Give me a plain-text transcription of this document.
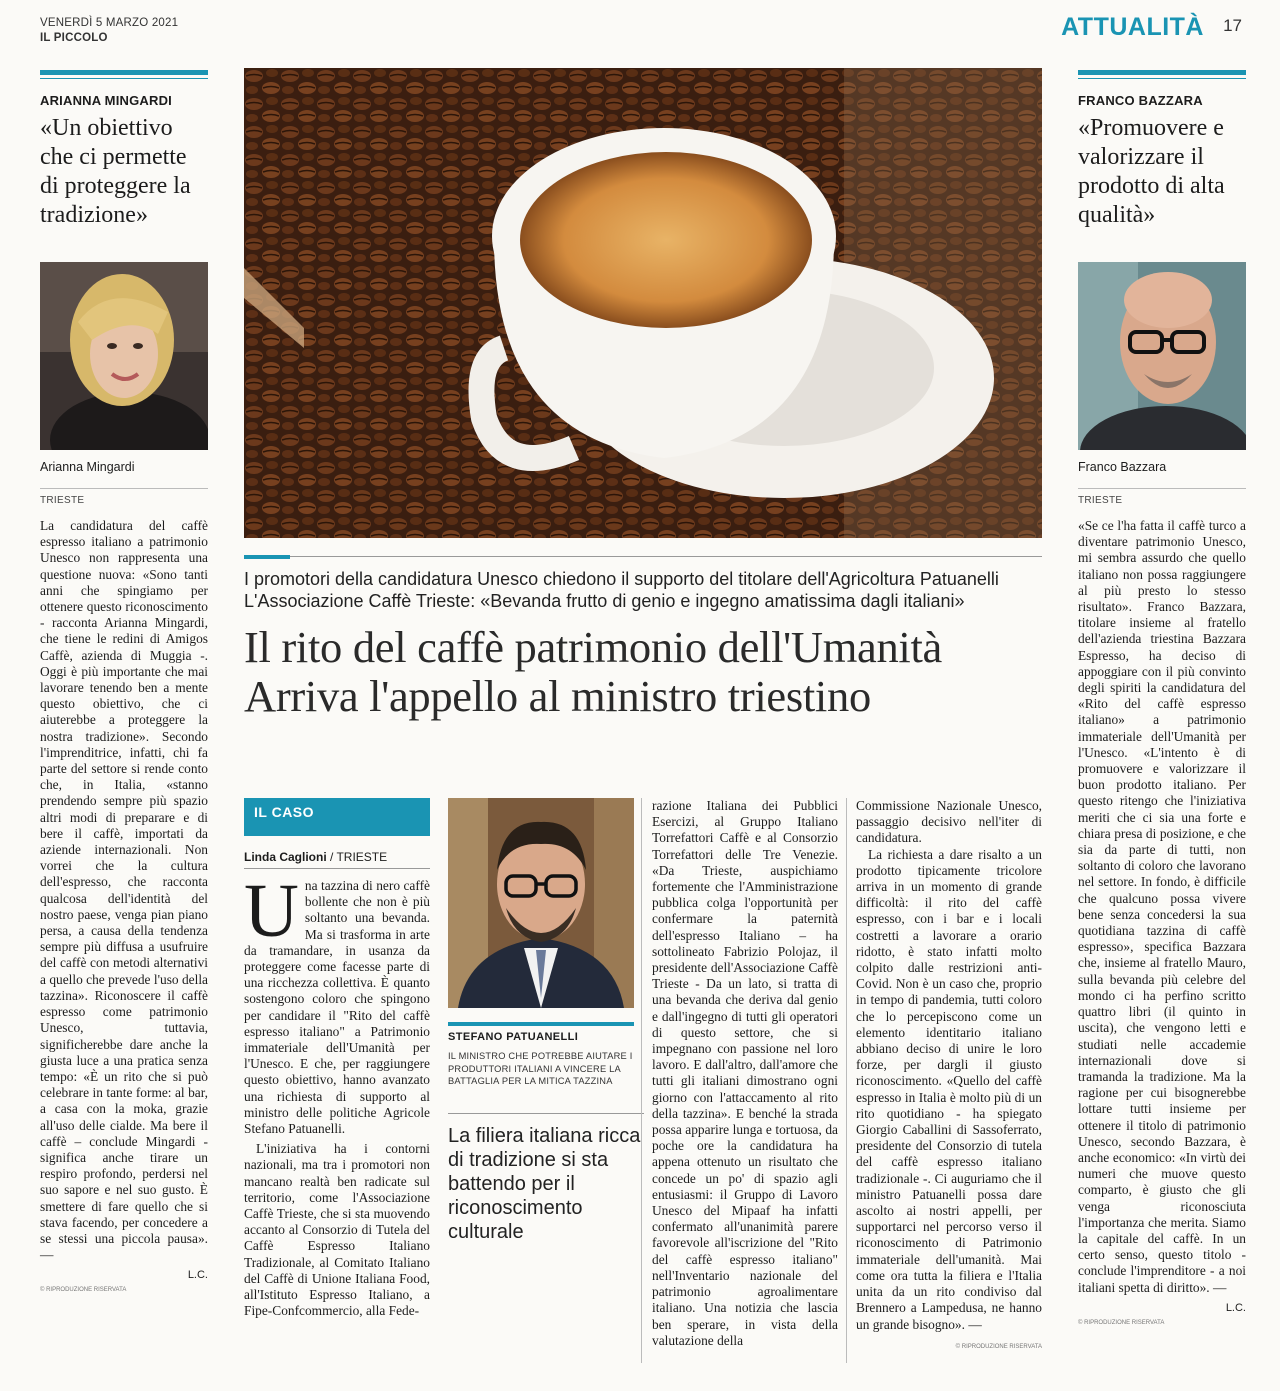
VENERDÌ 5 MARZO 2021
IL PICCOLO	ATTUALITÀ 17
ARIANNA MINGARDI
«Un obiettivo che ci permette di proteggere la tradizione»
Arianna Mingardi
TRIESTE
La candidatura del caffè espresso italiano a patrimonio Unesco non rappresenta una questione nuova: «Sono tanti anni che spingiamo per ottenere questo riconoscimento - racconta Arianna Mingardi, che tiene le redini di Amigos Caffè, azienda di Muggia -. Oggi è più importante che mai lavorare tenendo ben a mente questo obiettivo, che ci aiuterebbe a proteggere la nostra tradizione». Secondo l'imprenditrice, infatti, chi fa parte del settore si rende conto che, in Italia, «stanno prendendo sempre più spazio altri modi di preparare e di bere il caffè, importati da aziende internazionali. Non vorrei che la cultura dell'espresso, che racconta qualcosa dell'identità del nostro paese, venga pian piano persa, a causa della tendenza sempre più diffusa a usufruire del caffè con metodi alternativi a quello che prevede l'uso della tazzina». Riconoscere il caffè espresso come patrimonio Unesco, tuttavia, significherebbe dare anche la giusta luce a una pratica senza tempo: «È un rito che si può celebrare in tante forme: al bar, a casa con la moka, grazie all'uso delle cialde. Ma bere il caffè – conclude Mingardi - significa anche tirare un respiro profondo, perdersi nel suo sapore e nel suo gusto. È smettere di fare quello che si stava facendo, per concedere a se stessi una piccola pausa». —
L.C.
© RIPRODUZIONE RISERVATA
FRANCO BAZZARA
«Promuovere e valorizzare il prodotto di alta qualità»
Franco Bazzara
TRIESTE
«Se ce l'ha fatta il caffè turco a diventare patrimonio Unesco, mi sembra assurdo che quello italiano non possa raggiungere al più presto lo stesso risultato». Franco Bazzara, titolare insieme al fratello dell'azienda triestina Bazzara Espresso, ha deciso di appoggiare con il più convinto degli spiriti la candidatura del «Rito del caffè espresso italiano» a patrimonio immateriale dell'Umanità per l'Unesco. «L'intento è di promuovere e valorizzare il buon prodotto italiano. Per questo ritengo che l'iniziativa meriti che ci sia una forte e chiara presa di posizione, e che sia da parte di tutti, non soltanto di coloro che lavorano nel settore. In fondo, è difficile che qualcuno possa vivere bene senza concedersi la sua quotidiana tazzina di caffè espresso», specifica Bazzara che, insieme al fratello Mauro, sulla bevanda più celebre del mondo ci ha perfino scritto quattro libri (il quinto in uscita), che vengono letti e studiati nelle accademie internazionali dove si tramanda la tradizione. Ma la ragione per cui bisognerebbe lottare tutti insieme per ottenere il titolo di patrimonio Unesco, secondo Bazzara, è anche economico: «In virtù dei numeri che muove questo comparto, è giusto che gli venga riconosciuta l'importanza che merita. Siamo la capitale del caffè. In un certo senso, questo titolo - conclude l'imprenditore - a noi italiani spetta di diritto». —
L.C.
© RIPRODUZIONE RISERVATA
I promotori della candidatura Unesco chiedono il supporto del titolare dell'Agricoltura Patuanelli
L'Associazione Caffè Trieste: «Bevanda frutto di genio e ingegno amatissima dagli italiani»
Il rito del caffè patrimonio dell'Umanità
Arriva l'appello al ministro triestino
IL CASO
Linda Caglioni / TRIESTE

Una tazzina di nero caffè bollente che non è più soltanto una bevanda. Ma si trasforma in arte da tramandare, in usanza da proteggere come facesse parte di una ricchezza collettiva. È quanto sostengono coloro che spingono per candidare il "Rito del caffè espresso italiano" a Patrimonio immateriale dell'Umanità per l'Unesco. E che, per raggiungere questo obiettivo, hanno avanzato una richiesta di supporto al ministro delle politiche Agricole Stefano Patuanelli.

L'iniziativa ha i contorni nazionali, ma tra i promotori non mancano realtà ben radicate sul territorio, come l'Associazione Caffè Trieste, che si sta muovendo accanto al Consorzio di Tutela del Caffè Espresso Italiano Tradizionale, al Comitato Italiano del Caffè di Unione Italiana Food, all'Istituto Espresso Italiano, a Fipe-Confcommercio, alla Fede-

STEFANO PATUANELLI
IL MINISTRO CHE POTREBBE AIUTARE I PRODUTTORI ITALIANI A VINCERE LA BATTAGLIA PER LA MITICA TAZZINA
La filiera italiana ricca di tradizione si sta battendo per il riconoscimento culturale

razione Italiana dei Pubblici Esercizi, al Gruppo Italiano Torrefattori Caffè e al Consorzio Torrefattori delle Tre Venezie. «Da Trieste, auspichiamo fortemente che l'Amministrazione pubblica colga l'opportunità per confermare la paternità dell'espresso Italiano – ha sottolineato Fabrizio Polojaz, il presidente dell'Associazione Caffè Trieste - Da un lato, si tratta di una bevanda che deriva dal genio e dall'ingegno di tutti gli operatori di questo settore, che si impegnano con passione nel loro lavoro. E dall'altro, dall'amore che tutti gli italiani dimostrano ogni giorno con l'attaccamento al rito della tazzina». E benché la strada possa apparire lunga e tortuosa, da poche ore la candidatura ha appena ottenuto un risultato che concede un po' di spazio agli entusiasmi: il Gruppo di Lavoro Unesco del Mipaaf ha infatti confermato all'unanimità parere favorevole all'iscrizione del "Rito del caffè espresso italiano" nell'Inventario nazionale del patrimonio agroalimentare italiano. Una notizia che lascia ben sperare, in vista della valutazione della

Commissione Nazionale Unesco, passaggio decisivo nell'iter di candidatura.

La richiesta a dare risalto a un prodotto tipicamente tricolore arriva in un momento di grande difficoltà: il rito del caffè espresso, con i bar e i locali costretti a lavorare a orario ridotto, è stato infatti molto colpito dalle restrizioni anti-Covid. Non è un caso che, proprio in tempo di pandemia, tutti coloro che lo percepiscono come un elemento identitario italiano abbiano deciso di unire le loro forze, per dargli il giusto riconoscimento. «Quello del caffè espresso in Italia è molto più di un rito quotidiano - ha spiegato Giorgio Caballini di Sassoferrato, presidente del Consorzio di tutela del caffè espresso italiano tradizionale -. Ci auguriamo che il ministro Patuanelli possa dare ascolto ai nostri appelli, per supportarci nel percorso verso il riconoscimento di Patrimonio immateriale dell'umanità. Mai come ora tutta la filiera e l'Italia unita da un rito condiviso dal Brennero a Lampedusa, ne hanno un grande bisogno». —

© RIPRODUZIONE RISERVATA
